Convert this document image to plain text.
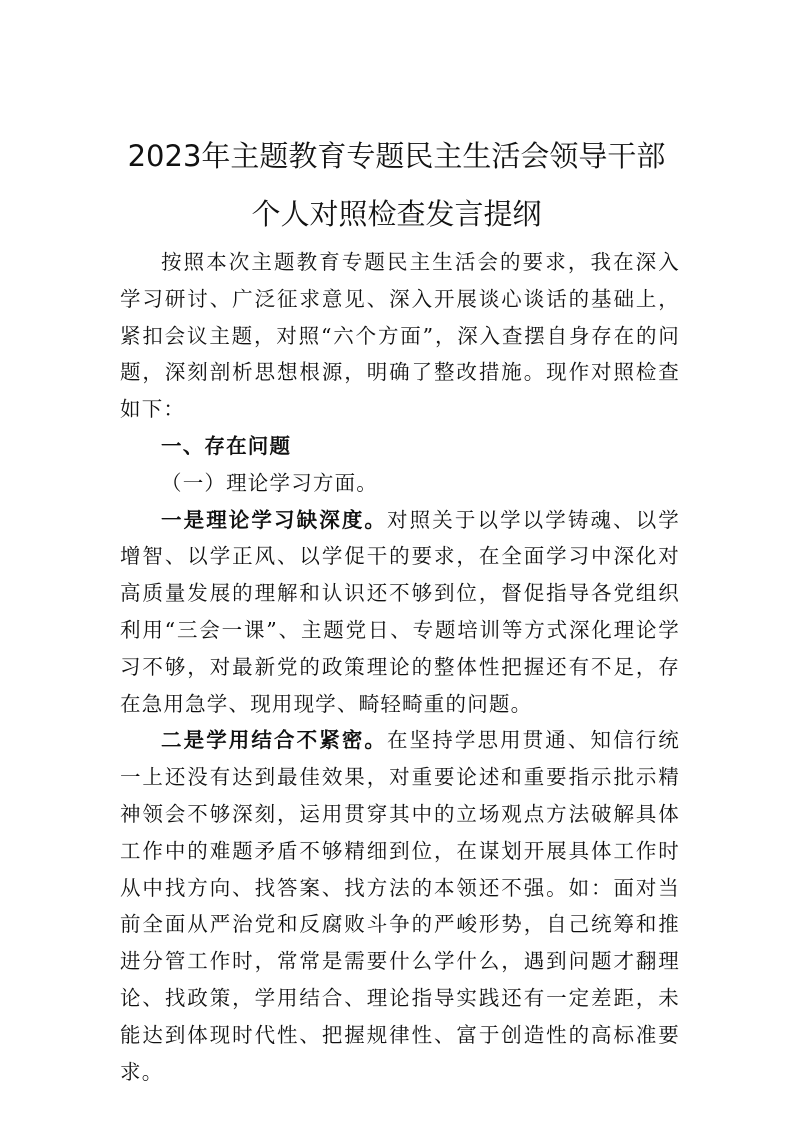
2023年主题教育专题民主生活会领导干部
个人对照检查发言提纲

按照本次主题教育专题民主生活会的要求，我在深入学习研讨、广泛征求意见、深入开展谈心谈话的基础上，紧扣会议主题，对照“六个方面”，深入查摆自身存在的问题，深刻剖析思想根源，明确了整改措施。现作对照检查如下：

一、存在问题

（一）理论学习方面。

一是理论学习缺深度。对照关于以学以学铸魂、以学增智、以学正风、以学促干的要求，在全面学习中深化对高质量发展的理解和认识还不够到位，督促指导各党组织利用“三会一课”、主题党日、专题培训等方式深化理论学习不够，对最新党的政策理论的整体性把握还有不足，存在急用急学、现用现学、畸轻畸重的问题。

二是学用结合不紧密。在坚持学思用贯通、知信行统一上还没有达到最佳效果，对重要论述和重要指示批示精神领会不够深刻，运用贯穿其中的立场观点方法破解具体工作中的难题矛盾不够精细到位，在谋划开展具体工作时从中找方向、找答案、找方法的本领还不强。如：面对当前全面从严治党和反腐败斗争的严峻形势，自己统筹和推进分管工作时，常常是需要什么学什么，遇到问题才翻理论、找政策，学用结合、理论指导实践还有一定差距，未能达到体现时代性、把握规律性、富于创造性的高标准要求。
